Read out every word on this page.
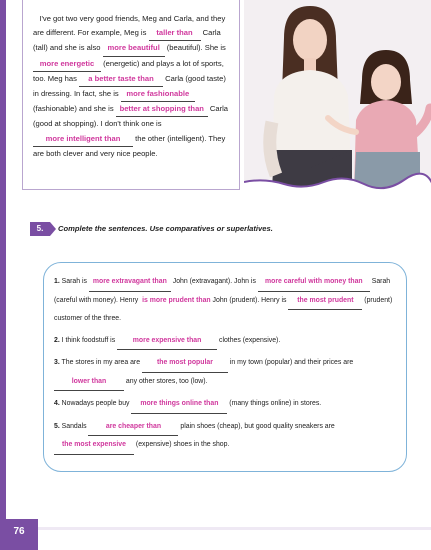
I've got two very good friends, Meg and Carla, and they are different. For example, Meg is taller than Carla (tall) and she is also more beautiful (beautiful). She is more energetic (energetic) and plays a lot of sports, too. Meg has a better taste than Carla (good taste) in dressing. In fact, she is more fashionable (fashionable) and she is better at shopping than Carla (good at shopping). I don't think one is more intelligent than the other (intelligent). They are both clever and very nice people.

5.	Complete the sentences. Use comparatives or superlatives.

1. Sarah is more extravagant than John (extravagant). John is more careful with money than Sarah (careful with money). Henry  is more prudent than John (prudent). Henry is the most prudent (prudent) customer of the three.

2. I think foodstuff is more expensive than clothes (expensive).

3. The stores in my area are the most popular in my town (popular) and their prices are lower than	any other stores, too (low).

4. Nowadays people buy more things online than (many things online) in stores.

5. Sandals	are cheaper than	plain shoes (cheap), but good quality sneakers are the most expensive (expensive) shoes in the shop.

76
